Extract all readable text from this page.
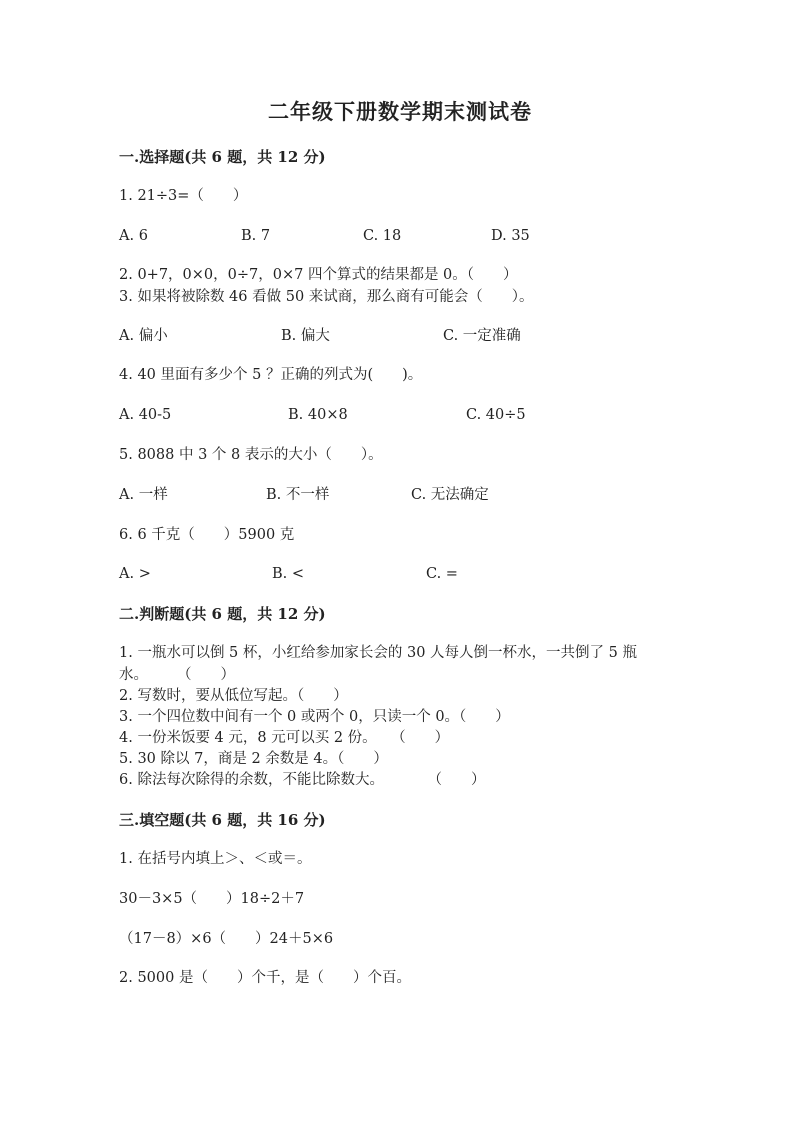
二年级下册数学期末测试卷
一.选择题(共 6 题，共 12 分)
1. 21÷3=（　　）
A. 6	B. 7	C. 18	D. 35
2. 0+7，0×0，0÷7，0×7 四个算式的结果都是 0。（　　）
3. 如果将被除数 46 看做 50 来试商，那么商有可能会（　　）。
A. 偏小	B. 偏大	C. 一定准确
4. 40 里面有多少个 5 ？正确的列式为(　　)。
A. 40-5	B. 40×8	C. 40÷5
5. 8088 中 3 个 8 表示的大小（　　）。
A. 一样	B. 不一样	C. 无法确定
6. 6 千克（　　）5900 克
A. >	B. <	C. =
二.判断题(共 6 题，共 12 分)
1. 一瓶水可以倒 5 杯，小红给参加家长会的 30 人每人倒一杯水，一共倒了 5 瓶
水。　　　（　　）
2. 写数时，要从低位写起。（　　）
3. 一个四位数中间有一个 0 或两个 0，只读一个 0。（　　）
4. 一份米饭要 4 元，8 元可以买 2 份。　　（　　）
5. 30 除以 7，商是 2 余数是 4。（　　）
6. 除法每次除得的余数，不能比除数大。　　　　（　　）
三.填空题(共 6 题，共 16 分)
1. 在括号内填上＞、＜或＝。
30－3×5（　　）18÷2＋7
（17－8）×6（　　）24＋5×6
2. 5000 是（　　）个千，是（　　）个百。
